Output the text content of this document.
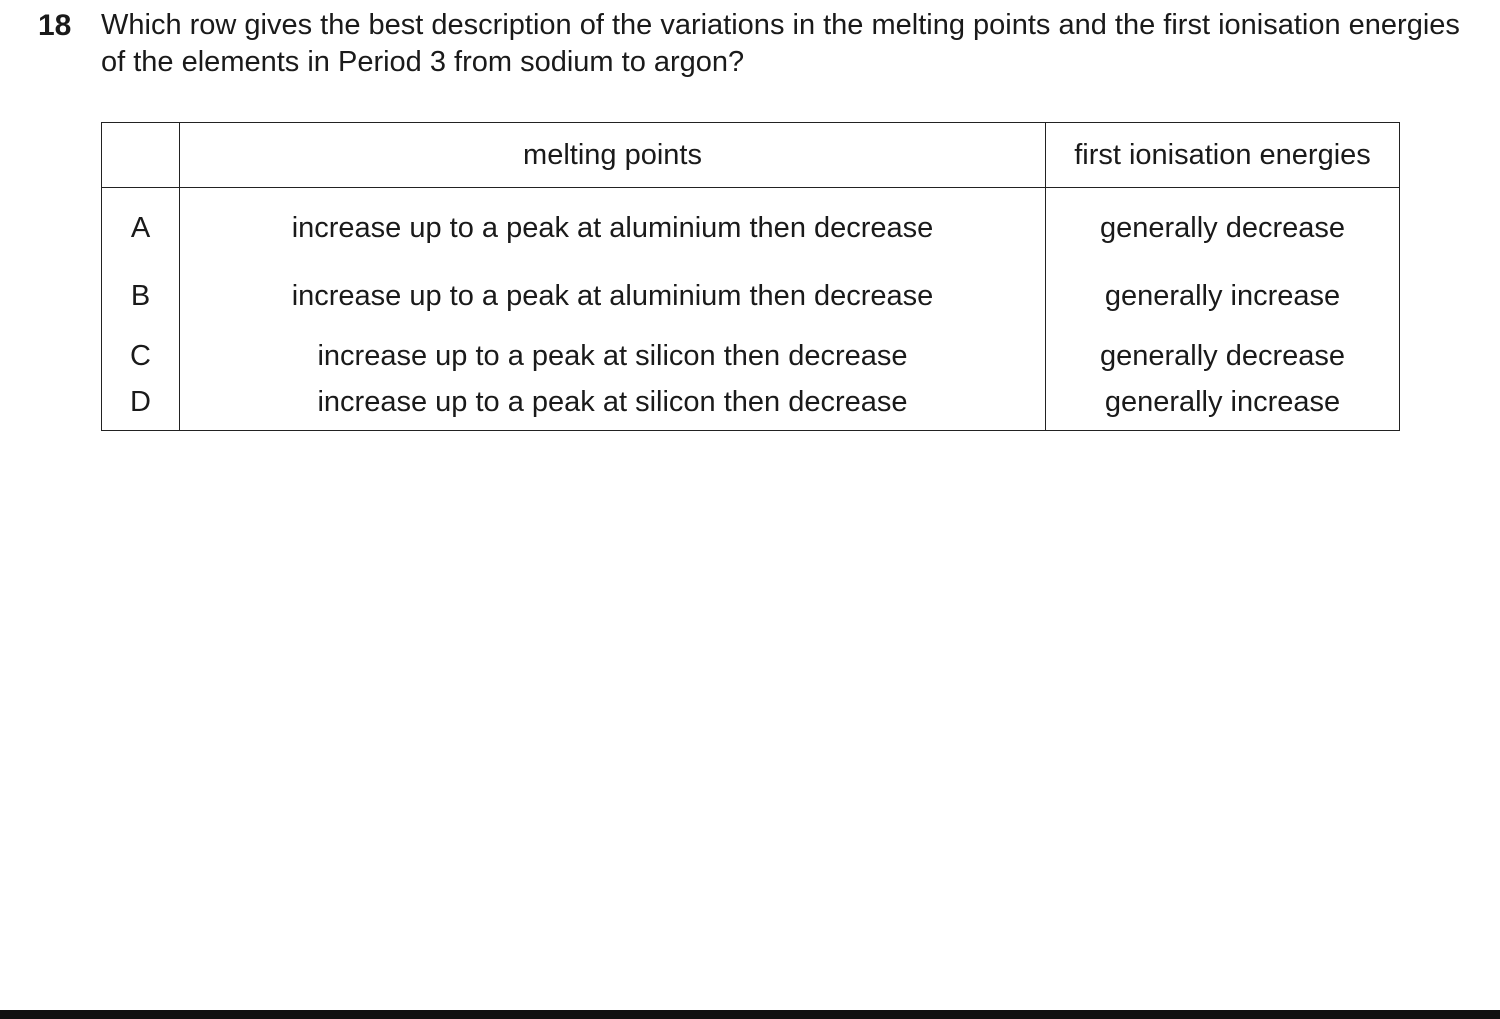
18 Which row gives the best description of the variations in the melting points and the first ionisation energies of the elements in Period 3 from sodium to argon?

	melting points	first ionisation energies
A	increase up to a peak at aluminium then decrease	generally decrease
B	increase up to a peak at aluminium then decrease	generally increase
C	increase up to a peak at silicon then decrease	generally decrease
D	increase up to a peak at silicon then decrease	generally increase
